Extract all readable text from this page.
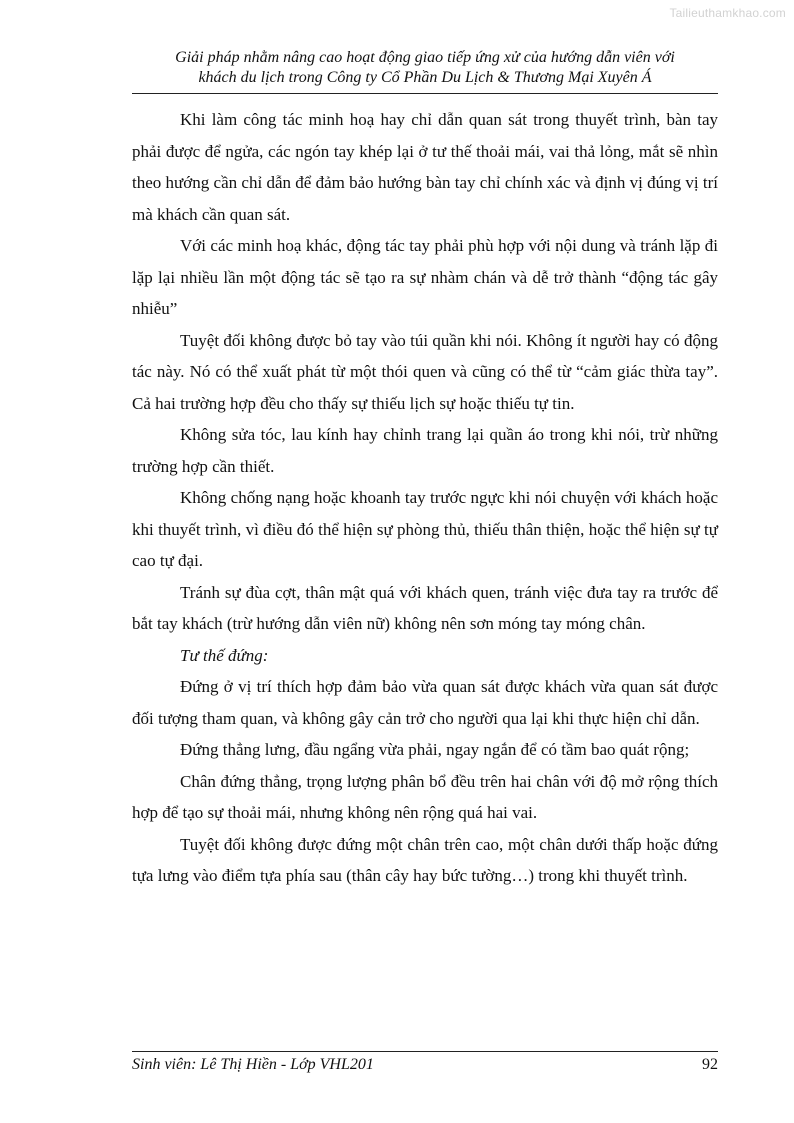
Tailieuthamkhao.com
Giải pháp nhằm nâng cao hoạt động giao tiếp ứng xử của hướng dẫn viên với
khách du lịch trong Công ty Cổ Phần Du Lịch & Thương Mại Xuyên Á

Khi làm công tác minh hoạ hay chỉ dẫn quan sát trong thuyết trình, bàn tay phải được để ngửa, các ngón tay khép lại ở tư thế thoải mái, vai thả lỏng, mắt sẽ nhìn theo hướng cần chỉ dẫn để đảm bảo hướng bàn tay chỉ chính xác và định vị đúng vị trí mà khách cần quan sát.

Với các minh hoạ khác, động tác tay phải phù hợp với nội dung và tránh lặp đi lặp lại nhiều lần một động tác sẽ tạo ra sự nhàm chán và dễ trở thành “động tác gây nhiễu”

Tuyệt đối không được bỏ tay vào túi quần khi nói. Không ít người hay có động tác này. Nó có thể xuất phát từ một thói quen và cũng có thể từ “cảm giác thừa tay”. Cả hai trường hợp đều cho thấy sự thiếu lịch sự hoặc thiếu tự tin.

Không sửa tóc, lau kính hay chỉnh trang lại quần áo trong khi nói, trừ những trường hợp cần thiết.

Không chống nạng hoặc khoanh tay trước ngực khi nói chuyện với khách hoặc khi thuyết trình, vì điều đó thể hiện sự phòng thủ, thiếu thân thiện, hoặc thể hiện sự tự cao tự đại.

Tránh sự đùa cợt, thân mật quá với khách quen, tránh việc đưa tay ra trước để bắt tay khách (trừ hướng dẫn viên nữ) không nên sơn móng tay móng chân.

Tư thế đứng:

Đứng ở vị trí thích hợp đảm bảo vừa quan sát được khách vừa quan sát được đối tượng tham quan, và không gây cản trở cho người qua lại khi thực hiện chỉ dẫn.

Đứng thẳng lưng, đầu ngẩng vừa phải, ngay ngắn để có tầm bao quát rộng;

Chân đứng thẳng, trọng lượng phân bổ đều trên hai chân với độ mở rộng thích hợp để tạo sự thoải mái, nhưng không nên rộng quá hai vai.

Tuyệt đối không được đứng một chân trên cao, một chân dưới thấp hoặc đứng tựa lưng vào điểm tựa phía sau (thân cây hay bức tường…) trong khi thuyết trình.

Sinh viên: Lê Thị Hiền - Lớp VHL201	92
